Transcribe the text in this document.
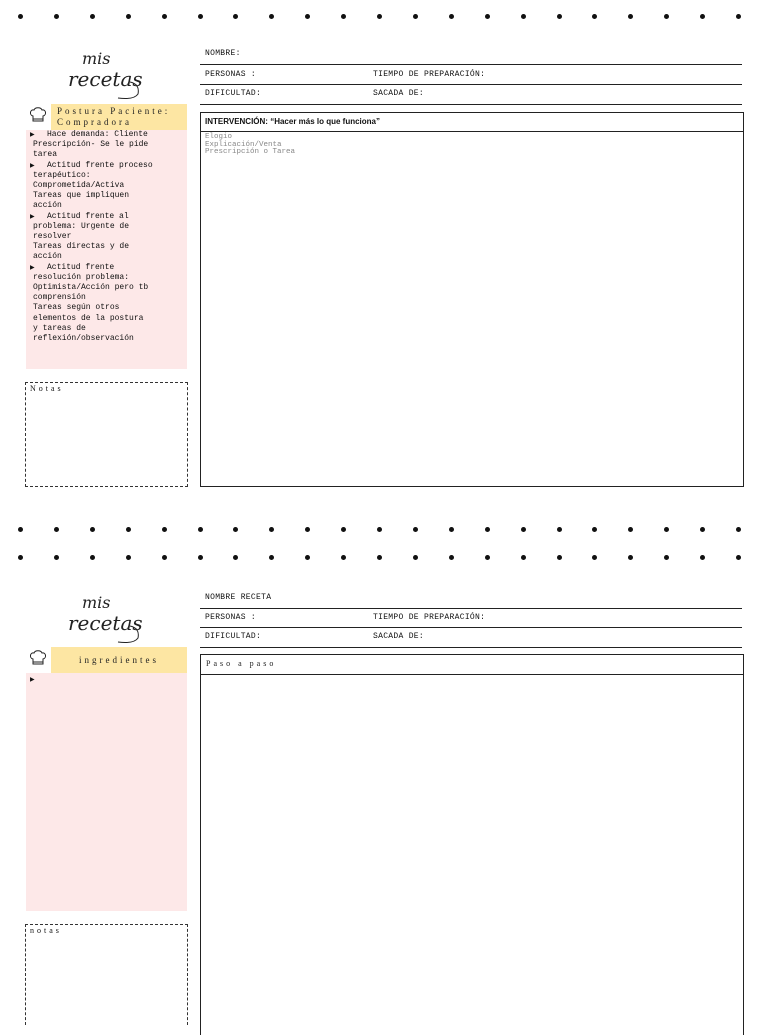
mis
recetas
NOMBRE:
PERSONAS :	TIEMPO DE PREPARACIÓN:
DIFICULTAD:	SACADA DE:
Postura Paciente: Compradora
▶ Hace demanda: Cliente
Prescripción- Se le pide
tarea
▶ Actitud frente proceso
terapéutico:
Comprometida/Activa
Tareas que impliquen
acción
▶ Actitud frente al
problema: Urgente de
resolver
Tareas directas y de
acción
▶ Actitud frente
resolución problema:
Optimista/Acción pero tb
comprensión
Tareas según otros
elementos de la postura
y tareas de
reflexión/observación
Notas
INTERVENCIÓN: “Hacer más lo que funciona”
Elogio
Explicación/Venta
Prescripción o Tarea
mis
recetas
NOMBRE RECETA
PERSONAS :	TIEMPO DE PREPARACIÓN:
DIFICULTAD:	SACADA DE:
ingredientes
▶
notas
Paso a paso
